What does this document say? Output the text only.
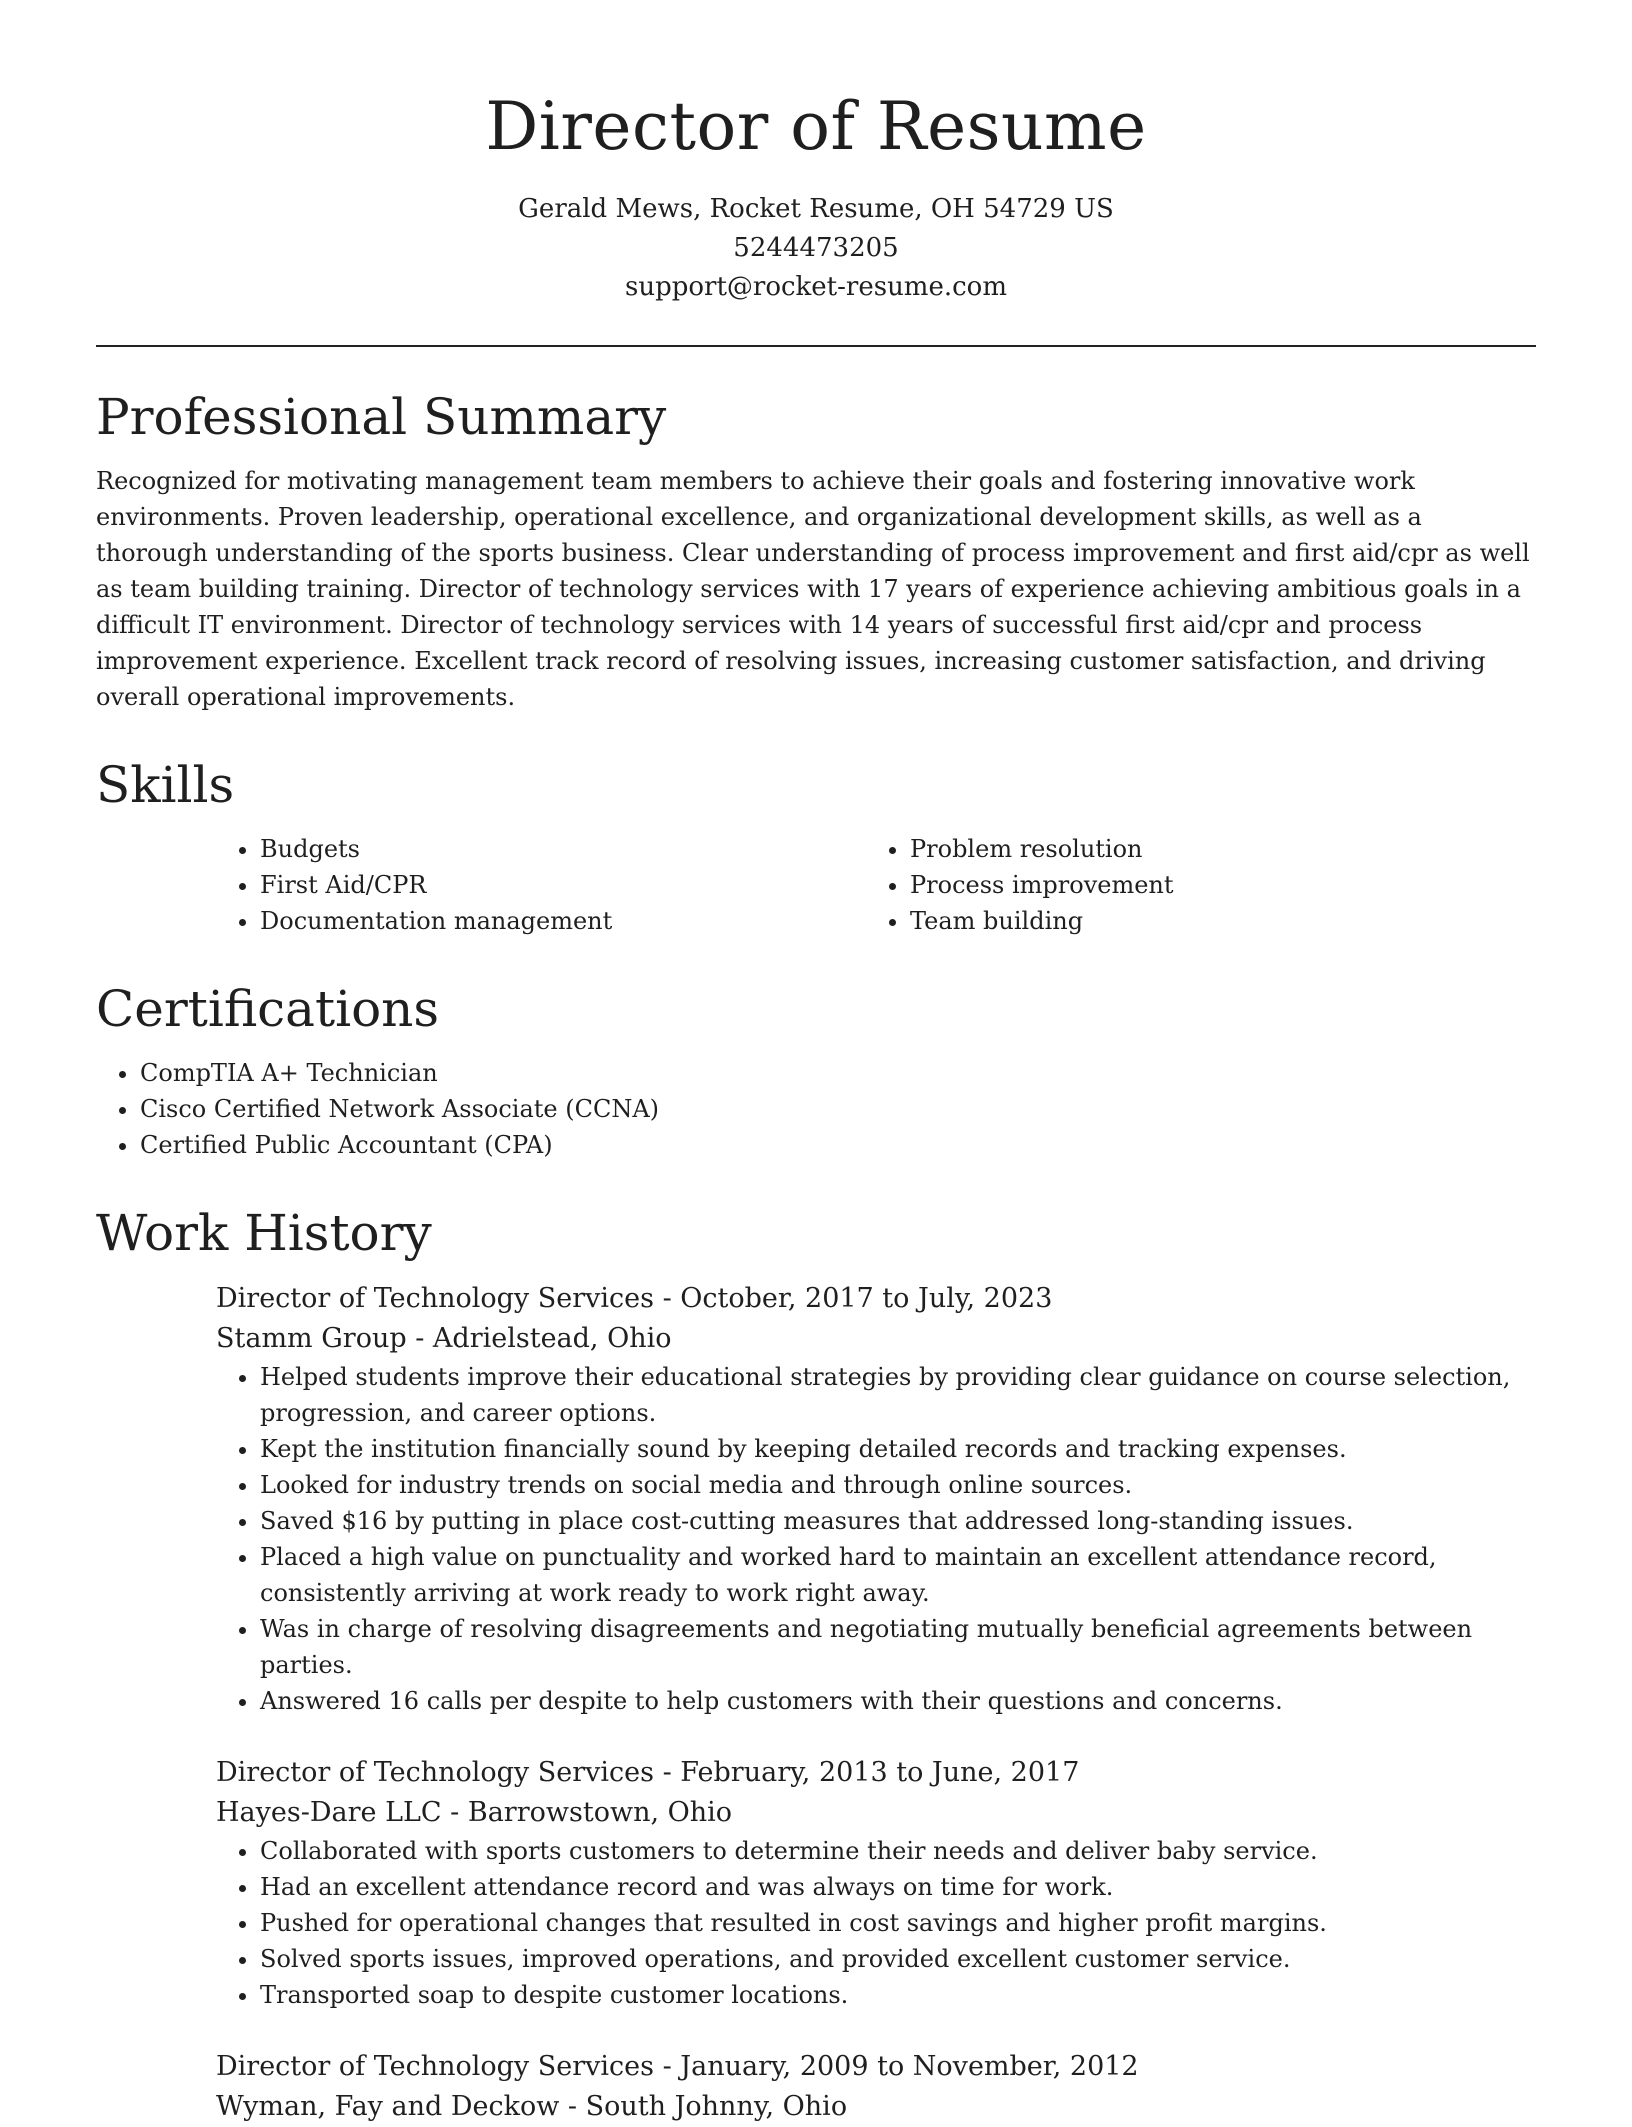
Director of Resume

Gerald Mews, Rocket Resume, OH 54729 US

5244473205

support@rocket-resume.com

Professional Summary

Recognized for motivating management team members to achieve their goals and fostering innovative work environments. Proven leadership, operational excellence, and organizational development skills, as well as a thorough understanding of the sports business. Clear understanding of process improvement and first aid/cpr as well as team building training. Director of technology services with 17 years of experience achieving ambitious goals in a difficult IT environment. Director of technology services with 14 years of successful first aid/cpr and process improvement experience. Excellent track record of resolving issues, increasing customer satisfaction, and driving overall operational improvements.

Skills
• Budgets
• First Aid/CPR
• Documentation management
• Problem resolution
• Process improvement
• Team building
Certifications
• CompTIA A+ Technician
• Cisco Certified Network Associate (CCNA)
• Certified Public Accountant (CPA)
Work History

Director of Technology Services - October, 2017 to July, 2023

Stamm Group - Adrielstead, Ohio

• Helped students improve their educational strategies by providing clear guidance on course selection, progression, and career options.
• Kept the institution financially sound by keeping detailed records and tracking expenses.
• Looked for industry trends on social media and through online sources.
• Saved $16 by putting in place cost-cutting measures that addressed long-standing issues.
• Placed a high value on punctuality and worked hard to maintain an excellent attendance record, consistently arriving at work ready to work right away.
• Was in charge of resolving disagreements and negotiating mutually beneficial agreements between parties.
• Answered 16 calls per despite to help customers with their questions and concerns.

Director of Technology Services - February, 2013 to June, 2017

Hayes-Dare LLC - Barrowstown, Ohio

• Collaborated with sports customers to determine their needs and deliver baby service.
• Had an excellent attendance record and was always on time for work.
• Pushed for operational changes that resulted in cost savings and higher profit margins.
• Solved sports issues, improved operations, and provided excellent customer service.
• Transported soap to despite customer locations.

Director of Technology Services - January, 2009 to November, 2012

Wyman, Fay and Deckow - South Johnny, Ohio
